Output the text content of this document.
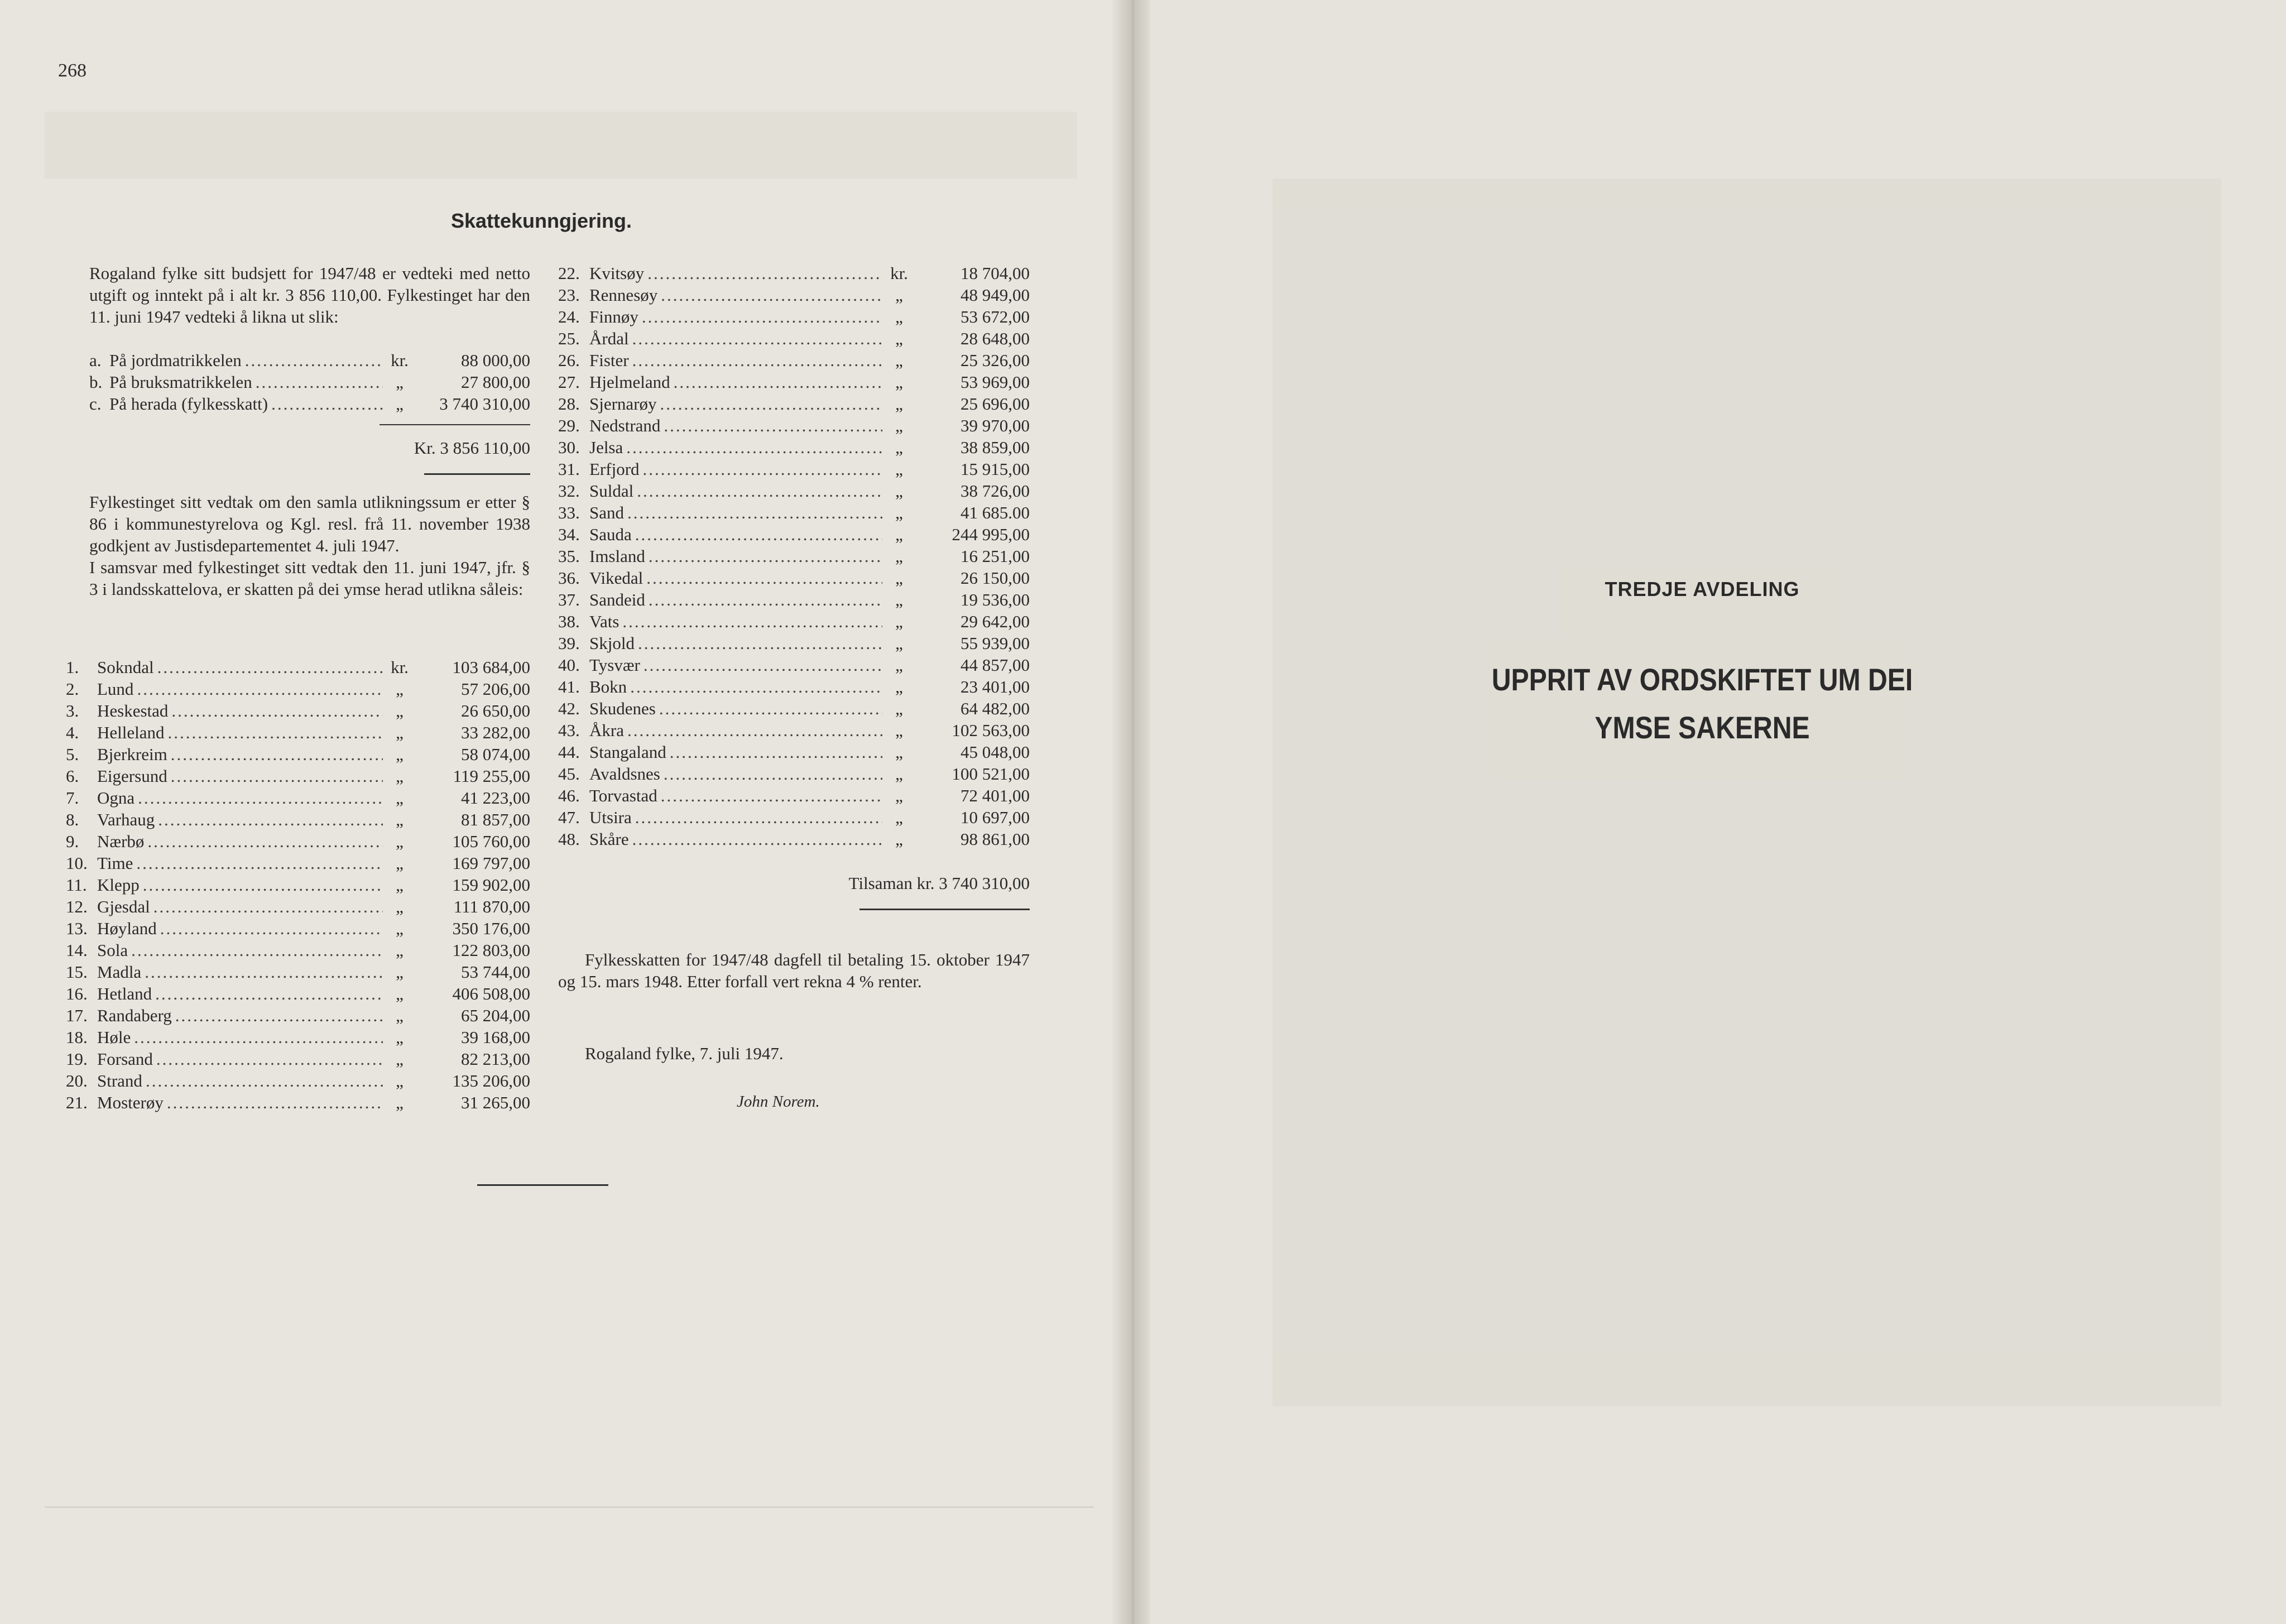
268
Skattekunngjering.

Rogaland fylke sitt budsjett for 1947/48 er vedteki med netto utgift og inntekt på i alt kr. 3 856 110,00. Fylkestinget har den 11. juni 1947 vedteki å likna ut slik:

a. På jordmatrikkelen .....	kr.	88 000,00
b. På bruksmatrikkelen .....	„	27 800,00
c. På herada (fylkesskatt) .....	„	3 740 310,00
Kr. 3 856 110,00

Fylkestinget sitt vedtak om den samla utlikningssum er etter § 86 i kommunestyrelova og Kgl. resl. frå 11. november 1938 godkjent av Justisdepartementet 4. juli 1947.

I samsvar med fylkestinget sitt vedtak den 11. juni 1947, jfr. § 3 i landsskattelova, er skatten på dei ymse herad utlikna såleis:

1.	Sokndal .....	kr.	103 684,00
2.	Lund .....	„	57 206,00
3.	Heskestad .....	„	26 650,00
4.	Helleland .....	„	33 282,00
5.	Bjerkreim .....	„	58 074,00
6.	Eigersund .....	„	119 255,00
7.	Ogna .....	„	41 223,00
8.	Varhaug .....	„	81 857,00
9.	Nærbø .....	„	105 760,00
10. Time .....	„	169 797,00
11. Klepp .....	„	159 902,00
12. Gjesdal .....	„	111 870,00
13. Høyland .....	„	350 176,00
14. Sola .....	„	122 803,00
15. Madla .....	„	53 744,00
16. Hetland .....	„	406 508,00
17. Randaberg .....	„	65 204,00
18. Høle .....	„	39 168,00
19. Forsand .....	„	82 213,00
20. Strand .....	„	135 206,00
21. Mosterøy .....	„	31 265,00
22. Kvitsøy .....	kr.	18 704,00
23. Rennesøy .....	„	48 949,00
24. Finnøy .....	„	53 672,00
25. Årdal .....	„	28 648,00
26. Fister .....	„	25 326,00
27. Hjelmeland .....	„	53 969,00
28. Sjernarøy .....	„	25 696,00
29. Nedstrand .....	„	39 970,00
30. Jelsa .....	„	38 859,00
31. Erfjord .....	„	15 915,00
32. Suldal .....	„	38 726,00
33. Sand .....	„	41 685.00
34. Sauda .....	„	244 995,00
35. Imsland .....	„	16 251,00
36. Vikedal .....	„	26 150,00
37. Sandeid .....	„	19 536,00
38. Vats .....	„	29 642,00
39. Skjold .....	„	55 939,00
40. Tysvær .....	„	44 857,00
41. Bokn .....	„	23 401,00
42. Skudenes .....	„	64 482,00
43. Åkra .....	„	102 563,00
44. Stangaland .....	„	45 048,00
45. Avaldsnes .....	„	100 521,00
46. Torvastad .....	„	72 401,00
47. Utsira .....	„	10 697,00
48. Skåre .....	„	98 861,00
Tilsaman kr. 3 740 310,00
Fylkesskatten for 1947/48 dagfell til betaling 15. oktober 1947 og 15. mars 1948. Etter forfall vert rekna 4 % renter.
Rogaland fylke, 7. juli 1947.
John Norem.
TREDJE AVDELING
UPPRIT AV ORDSKIFTET UM DEI
YMSE SAKERNE
